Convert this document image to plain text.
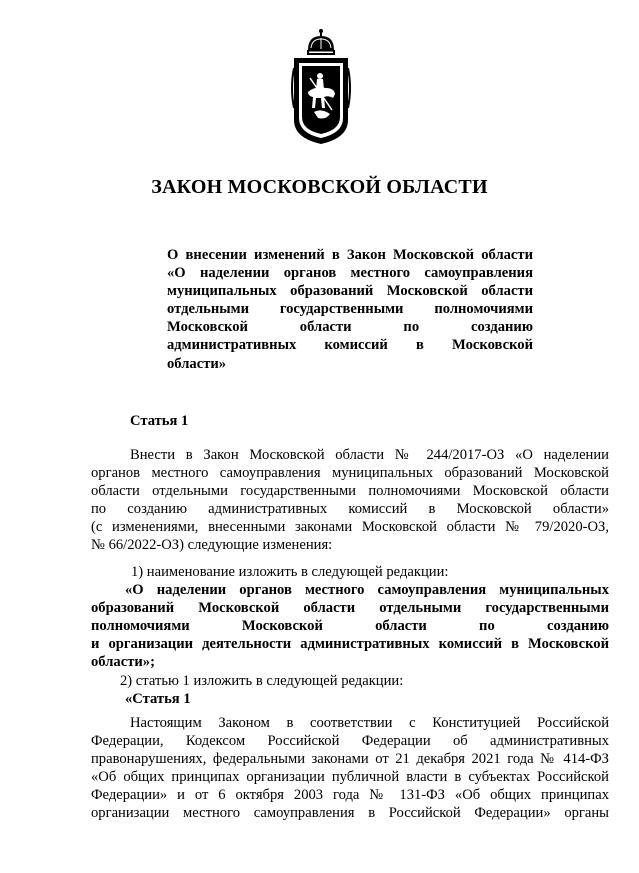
ЗАКОН МОСКОВСКОЙ ОБЛАСТИ
О внесении изменений в Закон Московской области
«О наделении органов местного самоуправления
муниципальных образований Московской области
отдельными государственными полномочиями
Московской области по созданию
административных комиссий в Московской
области»
Статья 1
Внести в Закон Московской области № 244/2017-ОЗ «О наделении
органов местного самоуправления муниципальных образований Московской
области отдельными государственными полномочиями Московской области
по созданию административных комиссий в Московской области»
(с изменениями, внесенными законами Московской области № 79/2020-ОЗ,
№ 66/2022-ОЗ) следующие изменения:
1) наименование изложить в следующей редакции:
«О наделении органов местного самоуправления муниципальных
образований Московской области отдельными государственными
полномочиями Московской области по созданию
и организации деятельности административных комиссий в Московской
области»;
2) статью 1 изложить в следующей редакции:
«Статья 1
Настоящим Законом в соответствии с Конституцией Российской
Федерации, Кодексом Российской Федерации об административных
правонарушениях, федеральными законами от 21 декабря 2021 года № 414-ФЗ
«Об общих принципах организации публичной власти в субъектах Российской
Федерации» и от 6 октября 2003 года № 131-ФЗ «Об общих принципах
организации местного самоуправления в Российской Федерации» органы
